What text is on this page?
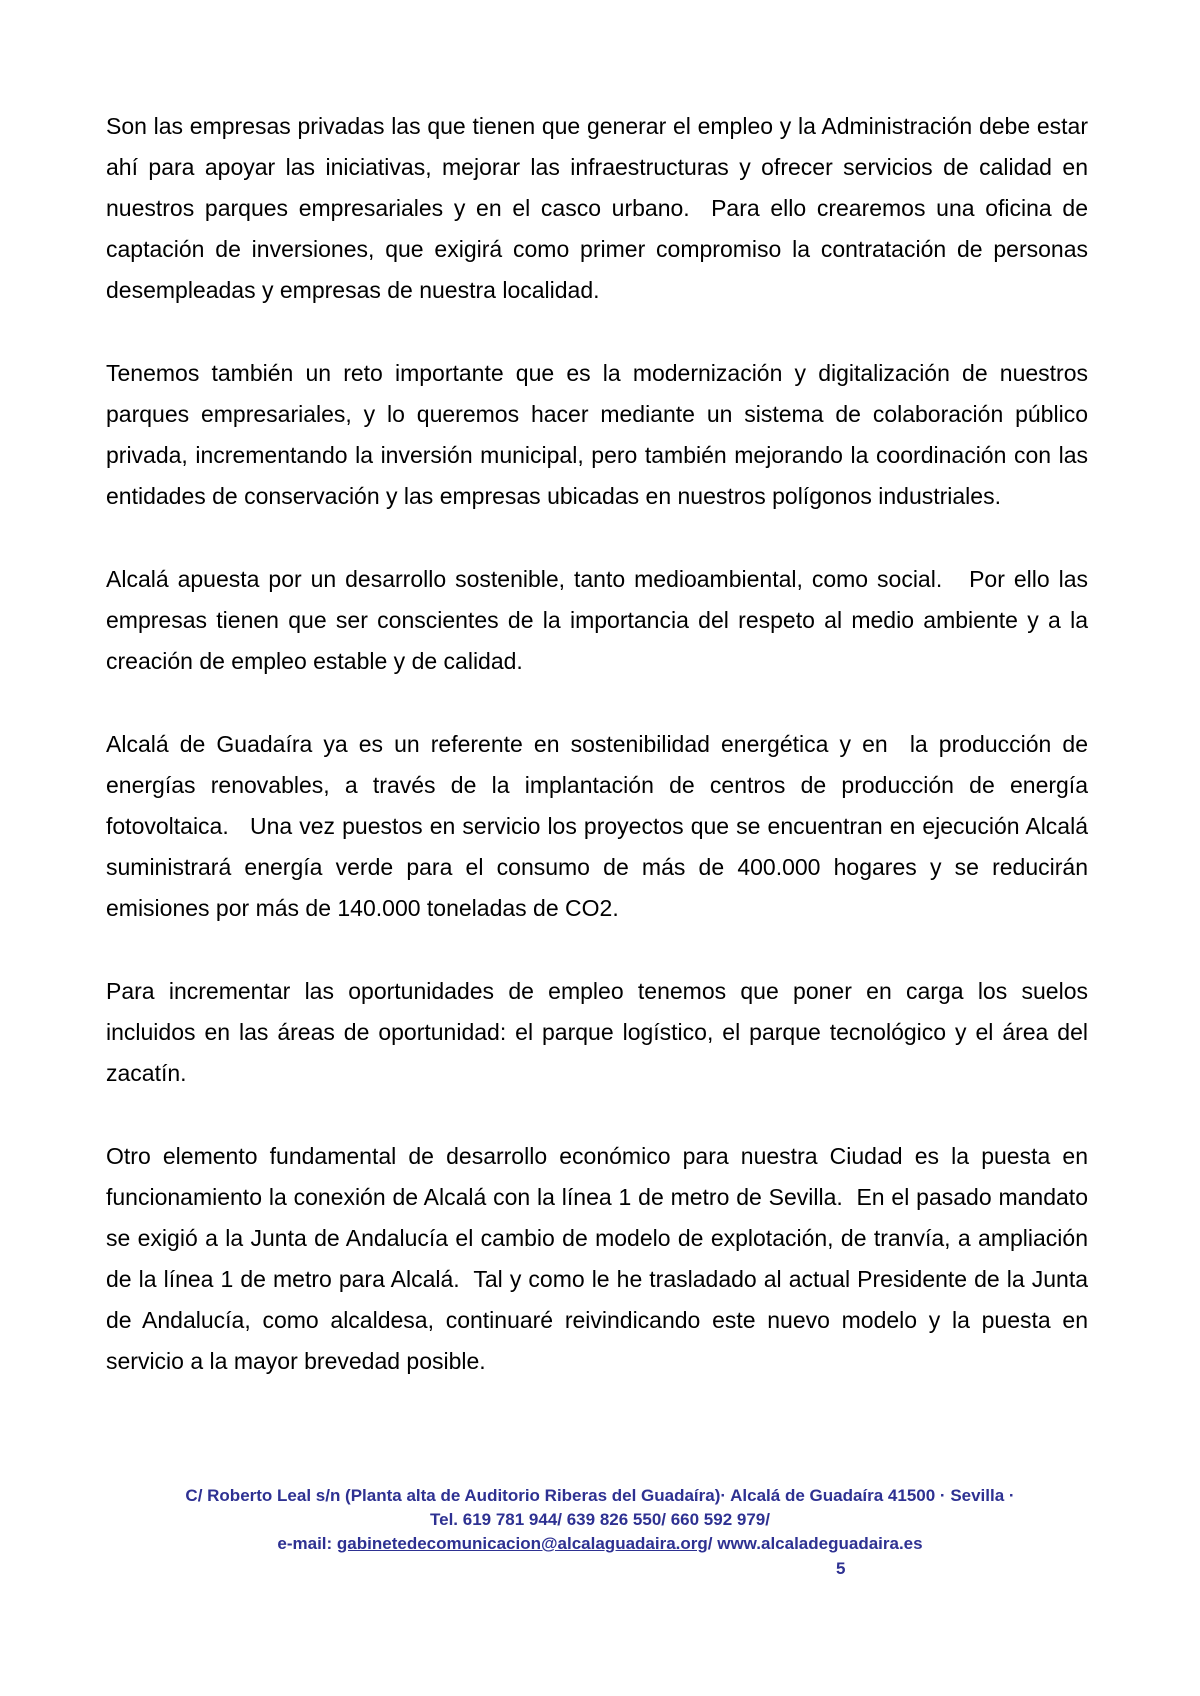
Son las empresas privadas las que tienen que generar el empleo y la Administración debe estar ahí para apoyar las iniciativas, mejorar las infraestructuras y ofrecer servicios de calidad en nuestros parques empresariales y en el casco urbano.  Para ello crearemos una oficina de captación de inversiones, que exigirá como primer compromiso la contratación de personas desempleadas y empresas de nuestra localidad.

Tenemos también un reto importante que es la modernización y digitalización de nuestros parques empresariales, y lo queremos hacer mediante un sistema de colaboración público privada, incrementando la inversión municipal, pero también mejorando la coordinación con las entidades de conservación y las empresas ubicadas en nuestros polígonos industriales.

Alcalá apuesta por un desarrollo sostenible, tanto medioambiental, como social.   Por ello las empresas tienen que ser conscientes de la importancia del respeto al medio ambiente y a la creación de empleo estable y de calidad.

Alcalá de Guadaíra ya es un referente en sostenibilidad energética y en  la producción de energías renovables, a través de la implantación de centros de producción de energía fotovoltaica.   Una vez puestos en servicio los proyectos que se encuentran en ejecución Alcalá suministrará energía verde para el consumo de más de 400.000 hogares y se reducirán emisiones por más de 140.000 toneladas de CO2.

Para incrementar las oportunidades de empleo tenemos que poner en carga los suelos incluidos en las áreas de oportunidad: el parque logístico, el parque tecnológico y el área del zacatín.

Otro elemento fundamental de desarrollo económico para nuestra Ciudad es la puesta en funcionamiento la conexión de Alcalá con la línea 1 de metro de Sevilla.  En el pasado mandato se exigió a la Junta de Andalucía el cambio de modelo de explotación, de tranvía, a ampliación de la línea 1 de metro para Alcalá.  Tal y como le he trasladado al actual Presidente de la Junta de Andalucía, como alcaldesa, continuaré reivindicando este nuevo modelo y la puesta en servicio a la mayor brevedad posible.

C/ Roberto Leal s/n (Planta alta de Auditorio Riberas del Guadaíra)· Alcalá de Guadaíra 41500 · Sevilla ·
Tel. 619 781 944/ 639 826 550/ 660 592 979/
e-mail: gabinetedecomunicacion@alcalaguadaira.org/ www.alcaladeguadaira.es
5
